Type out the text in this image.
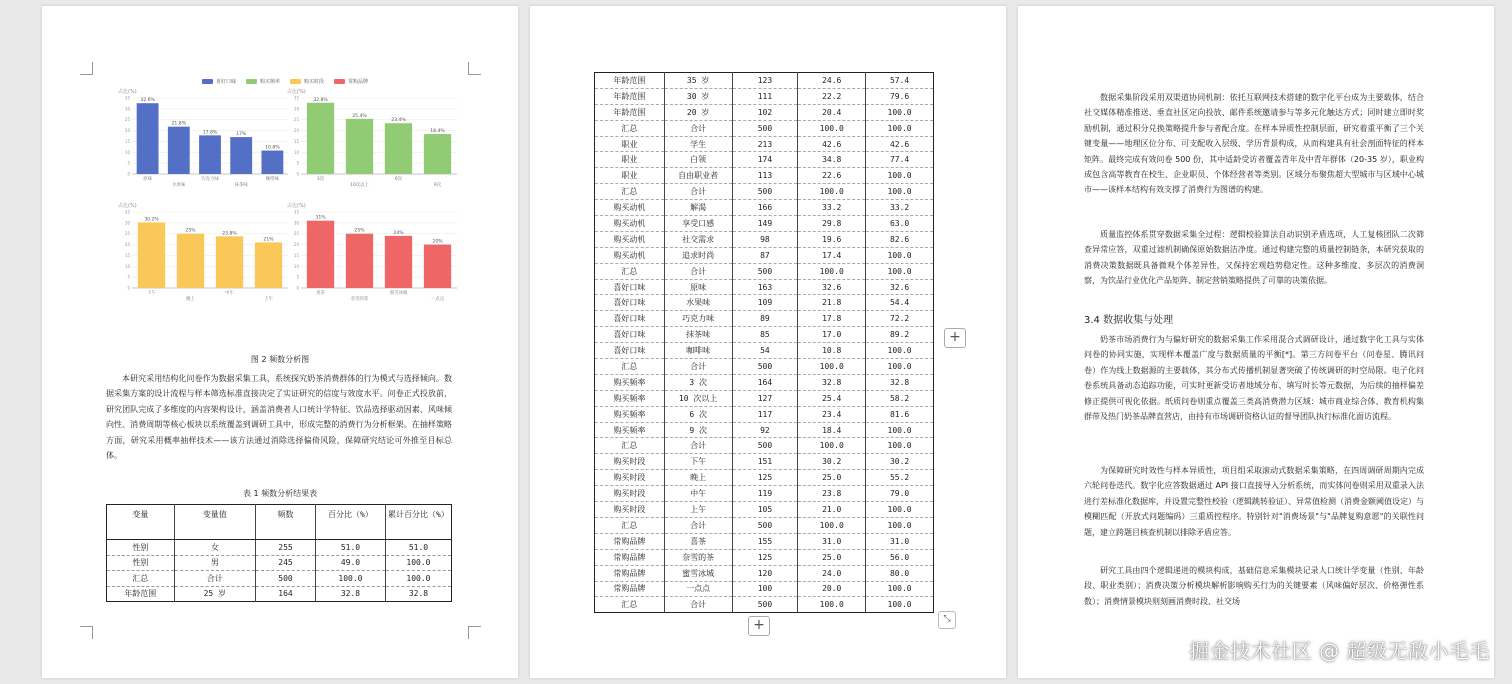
喜好口味	购买频率	购买时段	常购品牌
0
5
10
15
20
25
30
35
32.6%
原味
21.8%
水果味
17.8%
巧克力味
17%
抹茶味
10.8%
咖啡味
占比(%)
0
5
10
15
20
25
30
35	32.8%
3次
25.4%
10次以上
23.4%
6次
18.4%
9次
占比(%)
0
5
10
15
20
25
30
35
30.2%
下午
25%
晚上
23.8%
中午
21%
上午
占比(%)
0
5
10
15
20
25
30
35
31%
喜茶
25%
奈雪的茶
24%
蜜雪冰城
20%
一点点
占比(%)
图 2 频数分析图

本研究采用结构化问卷作为数据采集工具，系统探究奶茶消费群体的行为模式与选择倾向。数据采集方案的设计流程与样本筛选标准直接决定了实证研究的信度与效度水平。问卷正式投放前，研究团队完成了多维度的内容架构设计，涵盖消费者人口统计学特征、饮品选择驱动因素、风味倾向性、消费周期等核心板块以系统覆盖到调研工具中，形成完整的消费行为分析框架。在抽样策略方面，研究采用概率抽样技术——该方法通过消除选择偏倚风险，保障研究结论可外推至目标总体。

表 1 频数分析结果表
变量	变量值	频数	百分比（%）	累计百分比（%）
性别	女	255	51.0	51.0
性别	男	245	49.0	100.0
汇总	合计	500	100.0	100.0
年龄范围	25 岁	164	32.8	32.8
年龄范围	35 岁	123	24.6	57.4
年龄范围	30 岁	111	22.2	79.6
年龄范围	20 岁	102	20.4	100.0
汇总	合计	500	100.0	100.0
职业	学生	213	42.6	42.6
职业	白领	174	34.8	77.4
职业	自由职业者	113	22.6	100.0
汇总	合计	500	100.0	100.0
购买动机	解渴	166	33.2	33.2
购买动机	享受口感	149	29.8	63.0
购买动机	社交需求	98	19.6	82.6
购买动机	追求时尚	87	17.4	100.0
汇总	合计	500	100.0	100.0
喜好口味	原味	163	32.6	32.6
喜好口味	水果味	109	21.8	54.4
喜好口味	巧克力味	89	17.8	72.2
喜好口味	抹茶味	85	17.0	89.2
喜好口味	咖啡味	54	10.8	100.0
汇总	合计	500	100.0	100.0
购买频率	3 次	164	32.8	32.8
购买频率	10 次以上	127	25.4	58.2
购买频率	6 次	117	23.4	81.6
购买频率	9 次	92	18.4	100.0
汇总	合计	500	100.0	100.0
购买时段	下午	151	30.2	30.2
购买时段	晚上	125	25.0	55.2
购买时段	中午	119	23.8	79.0
购买时段	上午	105	21.0	100.0
汇总	合计	500	100.0	100.0
常购品牌	喜茶	155	31.0	31.0
常购品牌	奈雪的茶	125	25.0	56.0
常购品牌	蜜雪冰城	120	24.0	80.0
常购品牌	一点点	100	20.0	100.0
汇总	合计	500	100.0	100.0
+	⤡
+

数据采集阶段采用双渠道协同机制：依托互联网技术搭建的数字化平台成为主要载体，结合社交媒体精准推送、垂直社区定向投放、邮件系统邀请参与等多元化触达方式；同时建立即时奖励机制，通过积分兑换策略提升参与者配合度。在样本异质性控制层面，研究着重平衡了三个关键变量——地理区位分布、可支配收入层级、学历背景构成，从而构建具有社会剖面特征的样本矩阵。最终完成有效问卷 500 份，其中适龄受访者覆盖青年及中青年群体（20-35 岁），职业构成包含高等教育在校生、企业职员、个体经营者等类别。区域分布聚焦超大型城市与区域中心城市——该样本结构有效支撑了消费行为图谱的构建。

质量监控体系贯穿数据采集全过程：逻辑校验算法自动识别矛盾选项，人工复核团队二次筛查异常应答，双重过滤机制确保原始数据洁净度。通过构建完整的质量控制链条，本研究获取的消费决策数据既具备微观个体差异性，又保持宏观趋势稳定性。这种多维度、多层次的消费洞察，为饮品行业优化产品矩阵、制定营销策略提供了可靠的决策依据。

3.4 数据收集与处理

奶茶市场消费行为与偏好研究的数据采集工作采用混合式调研设计，通过数字化工具与实体问卷的协同实施，实现样本覆盖广度与数据质量的平衡[*]。第三方问卷平台（问卷星、腾讯问卷）作为线上数据源的主要载体，其分布式传播机制显著突破了传统调研的时空局限。电子化问卷系统具备动态追踪功能，可实时更新受访者地域分布、填写时长等元数据，为后续的抽样偏差修正提供可视化依据。纸质问卷则重点覆盖三类高消费潜力区域：城市商业综合体、教育机构集群带及热门奶茶品牌直营店，由持有市场调研资格认证的督导团队执行标准化面访流程。

为保障研究时效性与样本异质性，项目组采取滚动式数据采集策略，在四周调研周期内完成六轮问卷迭代。数字化应答数据通过 API 接口直接导入分析系统，而实体问卷则采用双重录入法进行差标准化数据库，并设置完整性校验（逻辑跳转验证）、异常值检测（消费金额阈值设定）与模糊匹配（开放式问题编码）三重质控程序。特别针对"消费场景"与"品牌复购意愿"的关联性问题，建立跨题目核查机制以排除矛盾应答。

研究工具由四个逻辑递进的模块构成，基础信息采集模块记录人口统计学变量（性别、年龄段、职业类别）；消费决策分析模块解析影响购买行为的关键要素（风味偏好层次、价格弹性系数）；消费情景模块则刻画消费时段、社交场

掘金技术社区 @ 超级无敌小毛毛
